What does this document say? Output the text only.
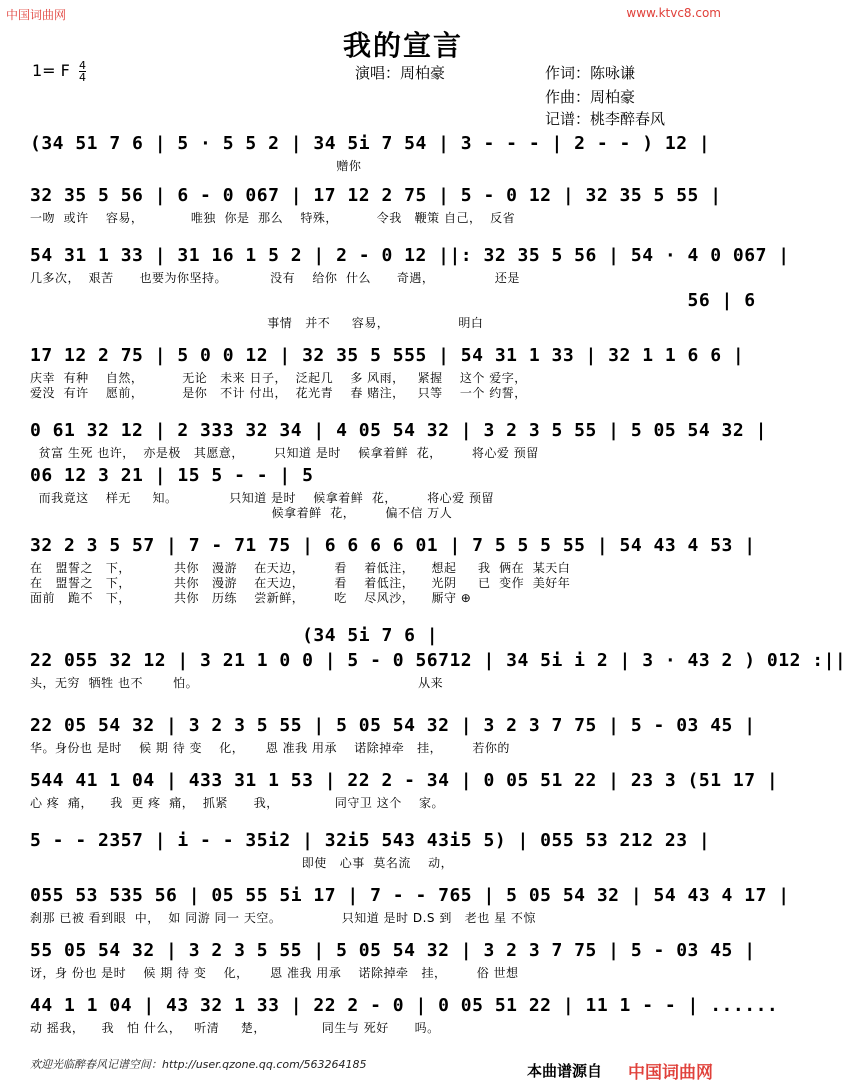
中国词曲网	www.ktvc8.com
我的宣言
1= F $\frac{4}{4}$	演唱：周柏豪	作词：陈咏谦
作曲：周柏豪
记谱：桃李醉春风
(34 51 7 6 | 5 · 5 5 2 | 34 5i 7 54 | 3 - - - | 2 - - ) 12 |
赠你
32 35 5 56 | 6 - 0 067 | 17 12 2 75 | 5 - 0 12 | 32 35 5 55 |
一吻  或许    容易，           唯独  你是  那么    特殊，         令我   鞭策 自己，  反省
54 31 1 33 | 31 16 1 5 2 | 2 - 0 12 ||: 32 35 5 56 | 54 · 4 0 067 |
几多次，  艰苦      也要为你坚持。          没有    给你  什么      奇遇，              还是
56 | 6
事情   并不     容易，                明白
17 12 2 75 | 5 0 0 12 | 32 35 5 555 | 54 31 1 33 | 32 1 1 6 6 |
庆幸  有种    自然，         无论   未来 日子，  泛起几    多 风雨，   紧握    这个 爱字，
爱没  有许    愿前，         是你   不计 付出，  花光青    春 赌注，   只等    一个 约誓，
0 61 32 12 | 2 333 32 34 | 4 05 54 32 | 3 2 3 5 55 | 5 05 54 32 |
贫富 生死 也许，  亦是极   其愿意，       只知道 是时    候拿着鲜  花，       将心爱 预留
06 12 3 21 | 15 5 - - | 5
而我竟这    样无     知。            只知道 是时    候拿着鲜  花，       将心爱 预留
候拿着鲜  花，       偏不信 万人
32 2 3 5 57 | 7 - 71 75 | 6 6 6 6 01 | 7 5 5 5 55 | 54 43 4 53 |
在   盟誓之   下，          共你   漫游    在天边，       看    着低注，    想起     我  俩在  某天白
在   盟誓之   下，          共你   漫游    在天边，       看    着低注，    光阴     已  变作  美好年
面前   跪不   下，          共你   历练    尝新鲜，       吃    尽风沙，    厮守 ⊕
(34 5i 7 6 |
22 055 32 12 | 3 21 1 0 0 | 5 - 0 56712 | 34 5i i 2 | 3 · 43 2 ) 012 :||
头，无穷  牺牲 也不       怕。                                                   从来
22 05 54 32 | 3 2 3 5 55 | 5 05 54 32 | 3 2 3 7 75 | 5 - 03 45 |
华。身份也 是时    候 期 待 变    化，     恩 准我 用承    诺除掉牵   挂，       若你的
544 41 1 04 | 433 31 1 53 | 22 2 - 34 | 0 05 51 22 | 23 3 (51 17 |
心 疼  痛，    我  更 疼  痛，  抓紧      我，             同守卫 这个    家。
5 - - 2357 | i - - 35i2 | 32i5 543 43i5 5) | 055 53 212 23 |
即使   心事  莫名流    动，
055 53 535 56 | 05 55 5i 17 | 7 - - 765 | 5 05 54 32 | 54 43 4 17 |
刹那 已被 看到眼  中，  如 同游 同一 天空。              只知道 是时 D.S 到   老也 星 不惊
55 05 54 32 | 3 2 3 5 55 | 5 05 54 32 | 3 2 3 7 75 | 5 - 03 45 |
讶，身 份也 是时    候 期 待 变    化，     恩 准我 用承    诺除掉牵   挂，       俗 世想
44 1 1 04 | 43 32 1 33 | 22 2 - 0 | 0 05 51 22 | 11 1 - - | ......
动 摇我，    我   怕 什么，   听清     楚，             同生与 死好      吗。
欢迎光临醉春风记谱空间：http://user.qzone.qq.com/563264185	本曲谱源自 中国词曲网
